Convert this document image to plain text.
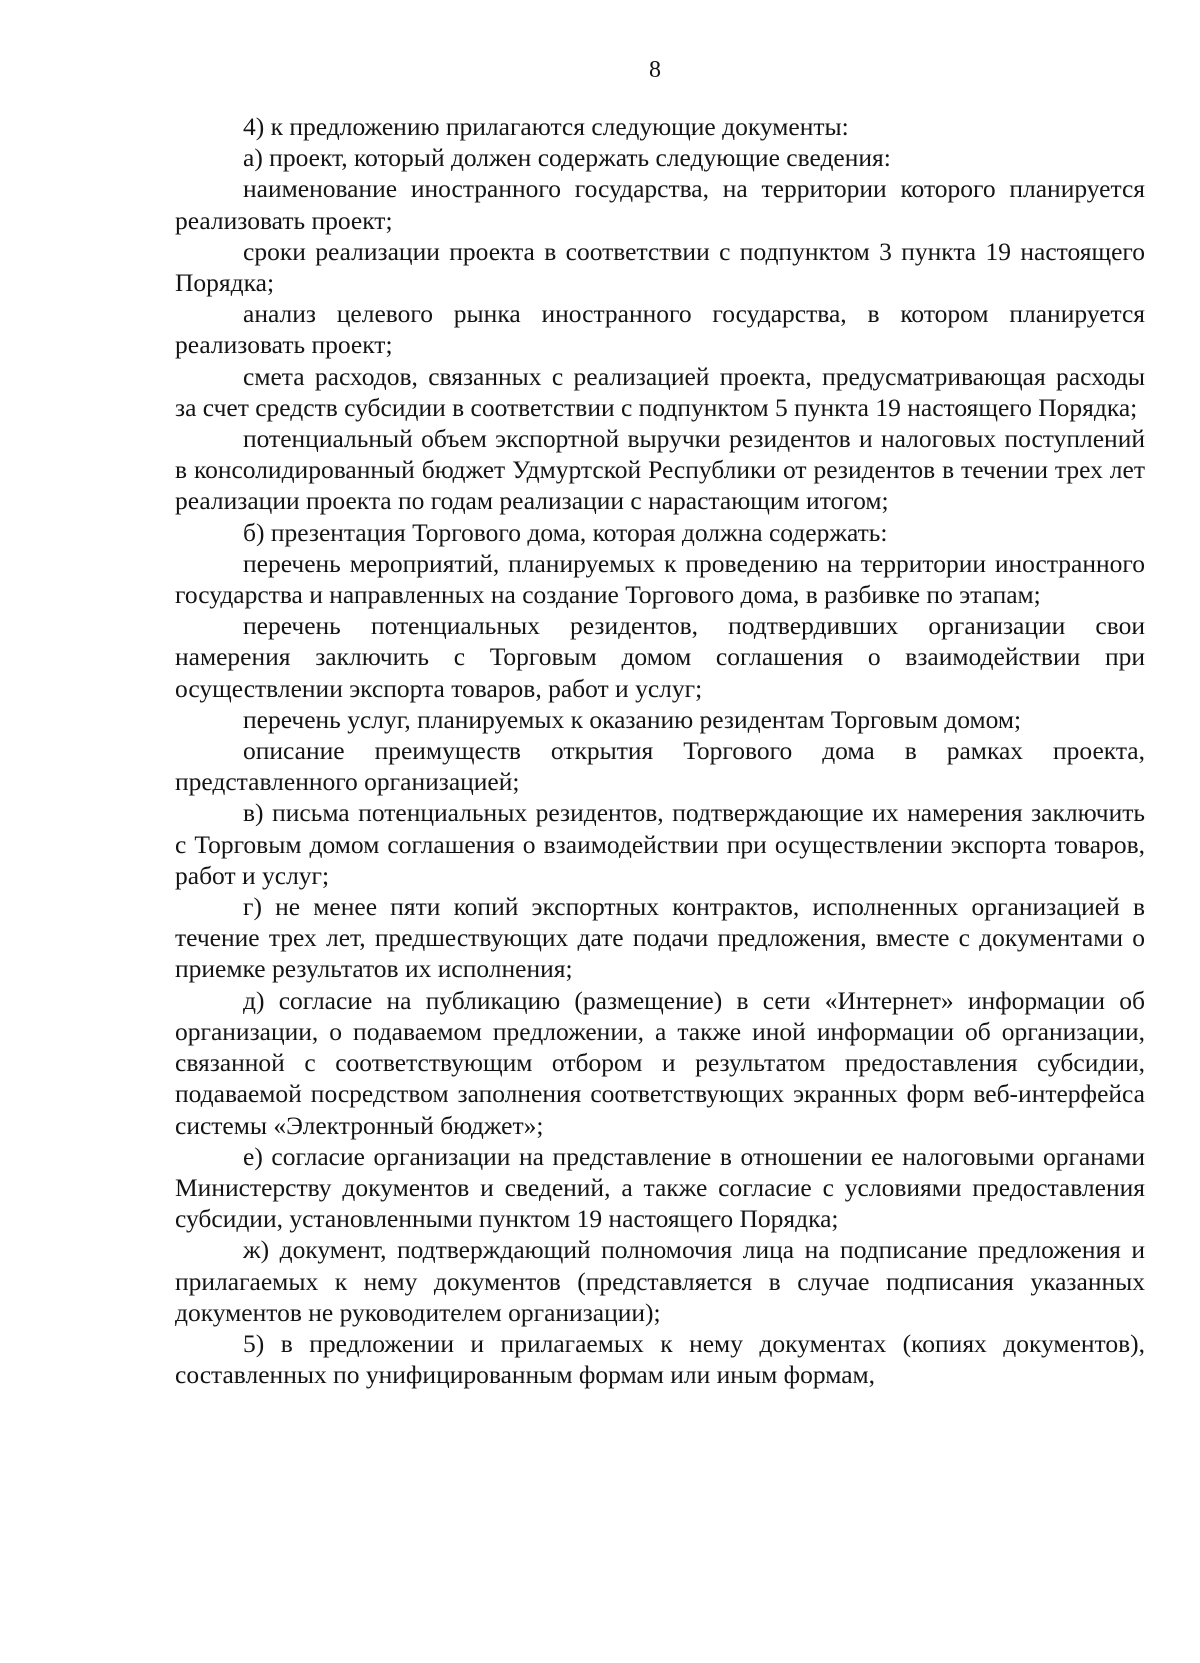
8

4) к предложению прилагаются следующие документы:

а) проект, который должен содержать следующие сведения:

наименование иностранного государства, на территории которого планируется реализовать проект;

сроки реализации проекта в соответствии с подпунктом 3 пункта 19 настоящего Порядка;

анализ целевого рынка иностранного государства, в котором планируется реализовать проект;

смета расходов, связанных с реализацией проекта, предусматривающая расходы за счет средств субсидии в соответствии с подпунктом 5 пункта 19 настоящего Порядка;

потенциальный объем экспортной выручки резидентов и налоговых поступлений в консолидированный бюджет Удмуртской Республики от резидентов в течении трех лет реализации проекта по годам реализации с нарастающим итогом;

б) презентация Торгового дома, которая должна содержать:

перечень мероприятий, планируемых к проведению на территории иностранного государства и направленных на создание Торгового дома, в разбивке по этапам;

перечень потенциальных резидентов, подтвердивших организации свои намерения заключить с Торговым домом соглашения о взаимодействии при осуществлении экспорта товаров, работ и услуг;

перечень услуг, планируемых к оказанию резидентам Торговым домом;

описание преимуществ открытия Торгового дома в рамках проекта, представленного организацией;

в) письма потенциальных резидентов, подтверждающие их намерения заключить с Торговым домом соглашения о взаимодействии при осуществлении экспорта товаров, работ и услуг;

г) не менее пяти копий экспортных контрактов, исполненных организацией в течение трех лет, предшествующих дате подачи предложения, вместе с документами о приемке результатов их исполнения;

д) согласие на публикацию (размещение) в сети «Интернет» информации об организации, о подаваемом предложении, а также иной информации об организации, связанной с соответствующим отбором и результатом предоставления субсидии, подаваемой посредством заполнения соответствующих экранных форм веб-интерфейса системы «Электронный бюджет»;

е) согласие организации на представление в отношении ее налоговыми органами Министерству документов и сведений, а также согласие с условиями предоставления субсидии, установленными пунктом 19 настоящего Порядка;

ж) документ, подтверждающий полномочия лица на подписание предложения и прилагаемых к нему документов (представляется в случае подписания указанных документов не руководителем организации);

5) в предложении и прилагаемых к нему документах (копиях документов), составленных по унифицированным формам или иным формам,
